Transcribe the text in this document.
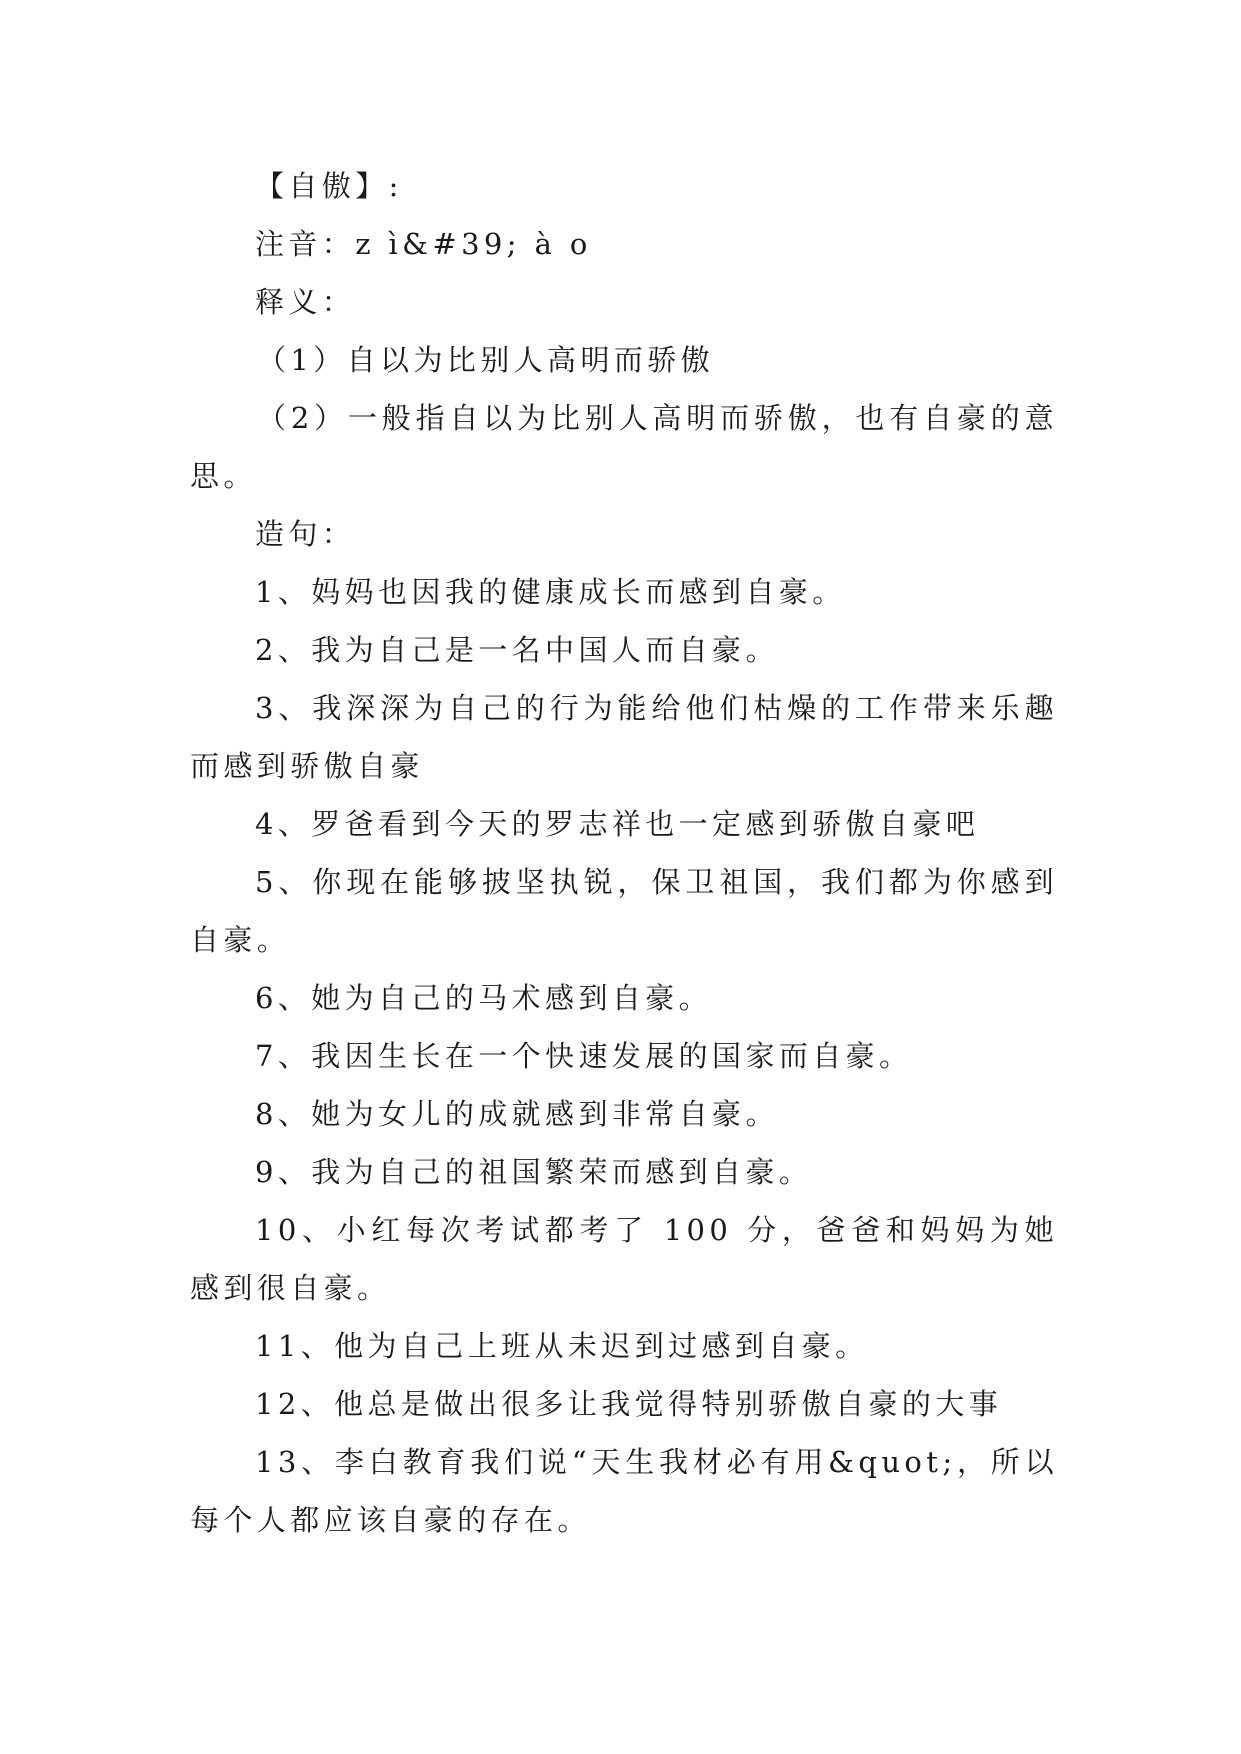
【自傲】:

注音：z ì&#39; à o

释义：

（1）自以为比别人高明而骄傲

（2）一般指自以为比别人高明而骄傲，也有自豪的意思。

造句：

1、妈妈也因我的健康成长而感到自豪。

2、我为自己是一名中国人而自豪。

3、我深深为自己的行为能给他们枯燥的工作带来乐趣而感到骄傲自豪

4、罗爸看到今天的罗志祥也一定感到骄傲自豪吧

5、你现在能够披坚执锐，保卫祖国，我们都为你感到自豪。

6、她为自己的马术感到自豪。

7、我因生长在一个快速发展的国家而自豪。

8、她为女儿的成就感到非常自豪。

9、我为自己的祖国繁荣而感到自豪。

10、小红每次考试都考了 100 分，爸爸和妈妈为她感到很自豪。

11、他为自己上班从未迟到过感到自豪。

12、他总是做出很多让我觉得特别骄傲自豪的大事

13、李白教育我们说“天生我材必有用&quot;，所以每个人都应该自豪的存在。
